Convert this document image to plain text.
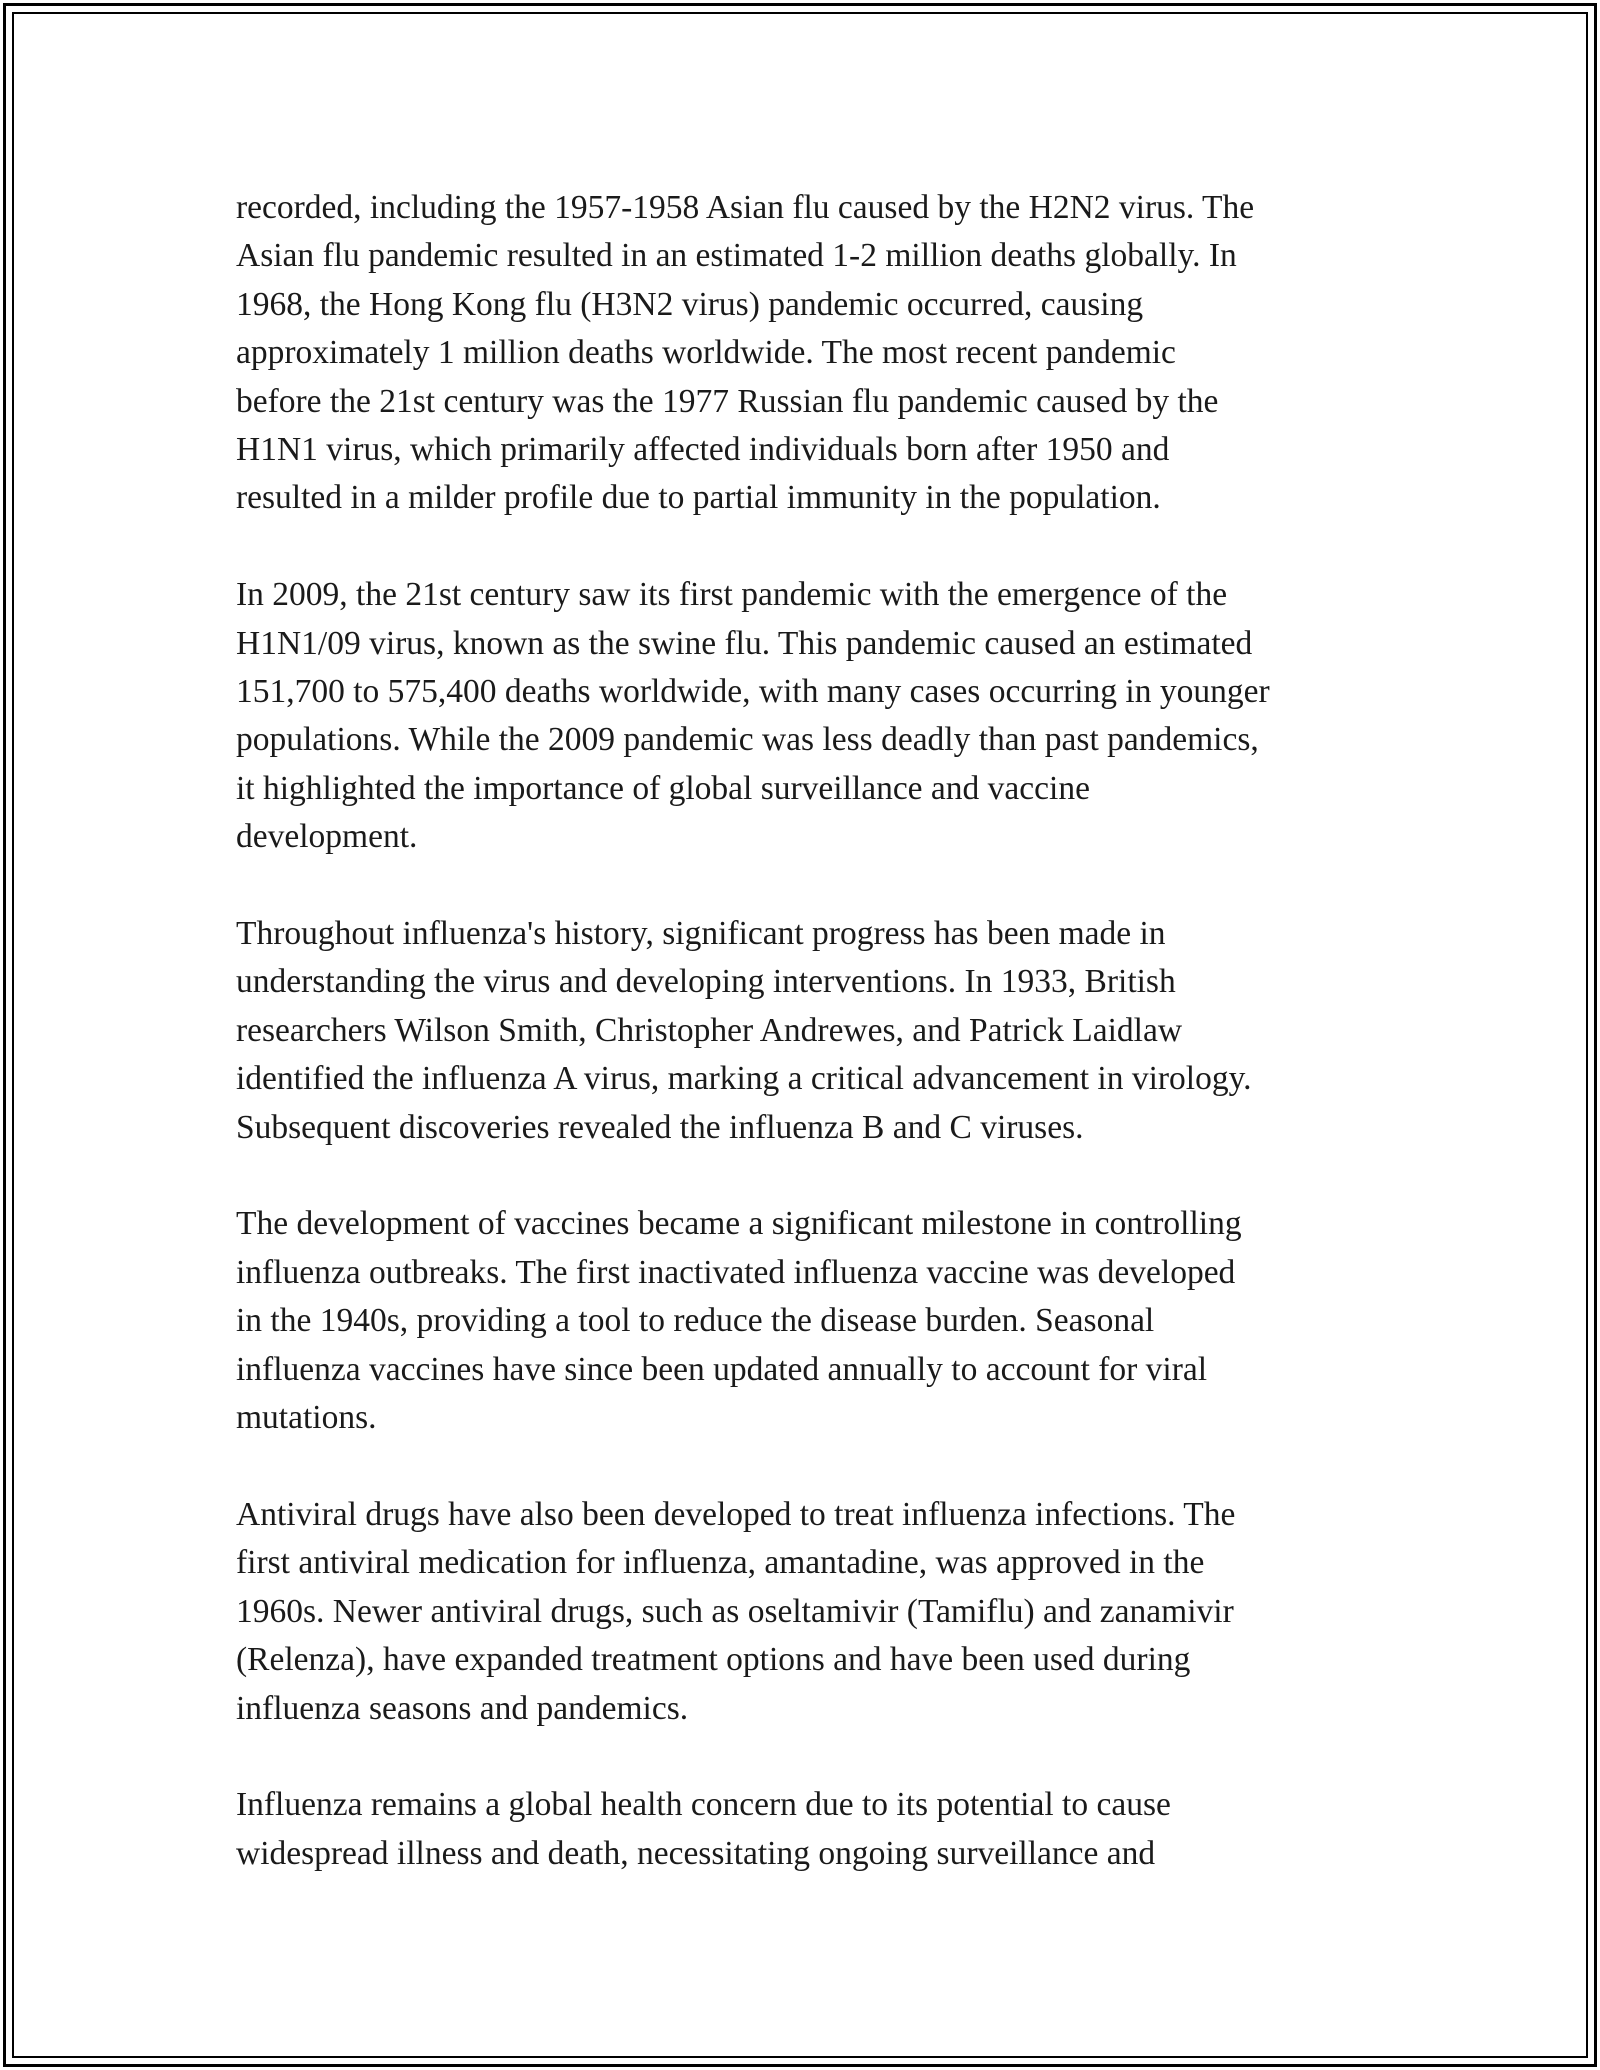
recorded, including the 1957-1958 Asian flu caused by the H2N2 virus. The
Asian flu pandemic resulted in an estimated 1-2 million deaths globally. In
1968, the Hong Kong flu (H3N2 virus) pandemic occurred, causing
approximately 1 million deaths worldwide. The most recent pandemic
before the 21st century was the 1977 Russian flu pandemic caused by the
H1N1 virus, which primarily affected individuals born after 1950 and
resulted in a milder profile due to partial immunity in the population.

In 2009, the 21st century saw its first pandemic with the emergence of the
H1N1/09 virus, known as the swine flu. This pandemic caused an estimated
151,700 to 575,400 deaths worldwide, with many cases occurring in younger
populations. While the 2009 pandemic was less deadly than past pandemics,
it highlighted the importance of global surveillance and vaccine
development.

Throughout influenza's history, significant progress has been made in
understanding the virus and developing interventions. In 1933, British
researchers Wilson Smith, Christopher Andrewes, and Patrick Laidlaw
identified the influenza A virus, marking a critical advancement in virology.
Subsequent discoveries revealed the influenza B and C viruses.

The development of vaccines became a significant milestone in controlling
influenza outbreaks. The first inactivated influenza vaccine was developed
in the 1940s, providing a tool to reduce the disease burden. Seasonal
influenza vaccines have since been updated annually to account for viral
mutations.

Antiviral drugs have also been developed to treat influenza infections. The
first antiviral medication for influenza, amantadine, was approved in the
1960s. Newer antiviral drugs, such as oseltamivir (Tamiflu) and zanamivir
(Relenza), have expanded treatment options and have been used during
influenza seasons and pandemics.

Influenza remains a global health concern due to its potential to cause
widespread illness and death, necessitating ongoing surveillance and
